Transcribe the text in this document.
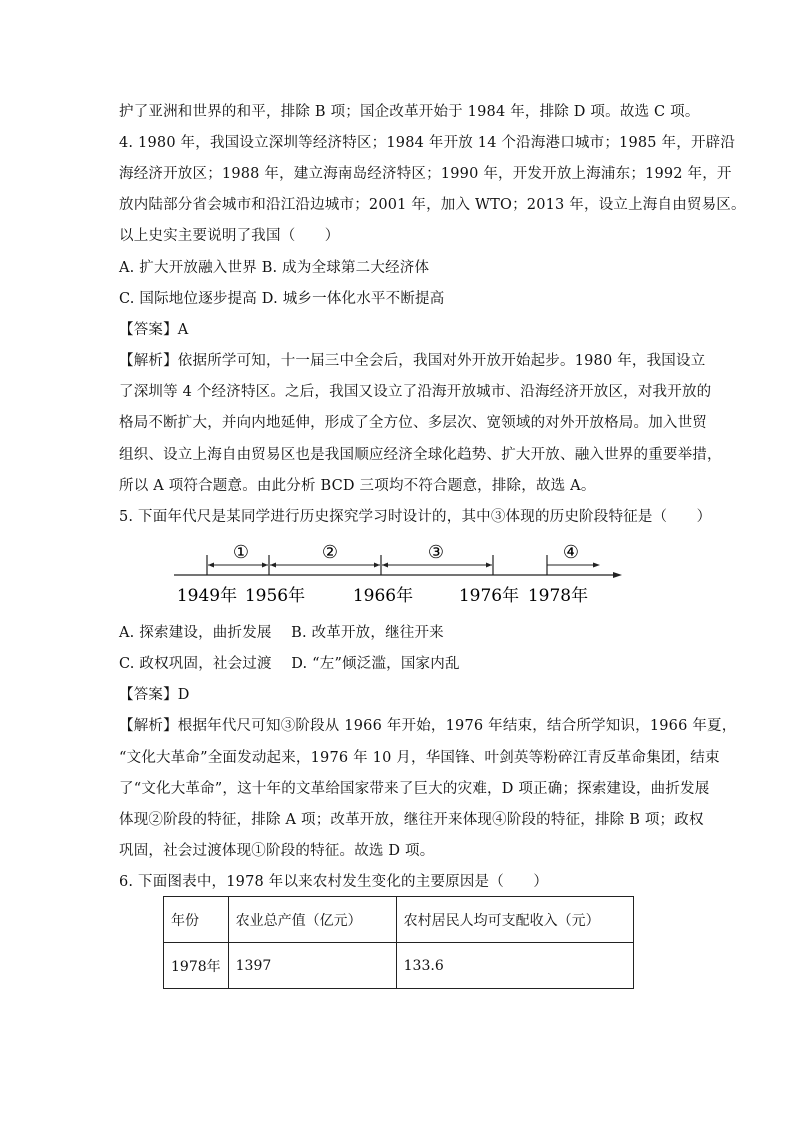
护了亚洲和世界的和平，排除 B 项；国企改革开始于 1984 年，排除 D 项。故选 C 项。
4. 1980 年，我国设立深圳等经济特区；1984 年开放 14 个沿海港口城市；1985 年，开辟沿
海经济开放区；1988 年，建立海南岛经济特区；1990 年，开发开放上海浦东；1992 年，开
放内陆部分省会城市和沿江沿边城市；2001 年，加入 WTO；2013 年，设立上海自由贸易区。
以上史实主要说明了我国（　　）
A. 扩大开放融入世界 B. 成为全球第二大经济体
C. 国际地位逐步提高 D. 城乡一体化水平不断提高
【答案】A
【解析】依据所学可知，十一届三中全会后，我国对外开放开始起步。1980 年，我国设立
了深圳等 4 个经济特区。之后，我国又设立了沿海开放城市、沿海经济开放区，对我开放的
格局不断扩大，并向内地延伸，形成了全方位、多层次、宽领域的对外开放格局。加入世贸
组织、设立上海自由贸易区也是我国顺应经济全球化趋势、扩大开放、融入世界的重要举措，
所以 A 项符合题意。由此分析 BCD 三项均不符合题意，排除，故选 A。
5. 下面年代尺是某同学进行历史探究学习时设计的，其中③体现的历史阶段特征是（　　）
①	②	③	④
1949年 1956年	1966年	1976年 1978年
A. 探索建设，曲折发展　 B. 改革开放，继往开来
C. 政权巩固，社会过渡　 D. “左”倾泛滥，国家内乱
【答案】D
【解析】根据年代尺可知③阶段从 1966 年开始，1976 年结束，结合所学知识，1966 年夏，
“文化大革命”全面发动起来，1976 年 10 月，华国锋、叶剑英等粉碎江青反革命集团，结束
了“文化大革命”，这十年的文革给国家带来了巨大的灾难，D 项正确；探索建设，曲折发展
体现②阶段的特征，排除 A 项；改革开放，继往开来体现④阶段的特征，排除 B 项；政权
巩固，社会过渡体现①阶段的特征。故选 D 项。
6. 下面图表中，1978 年以来农村发生变化的主要原因是（　　）
年份	农业总产值（亿元）	农村居民人均可支配收入（元）
1978年	1397	133.6
